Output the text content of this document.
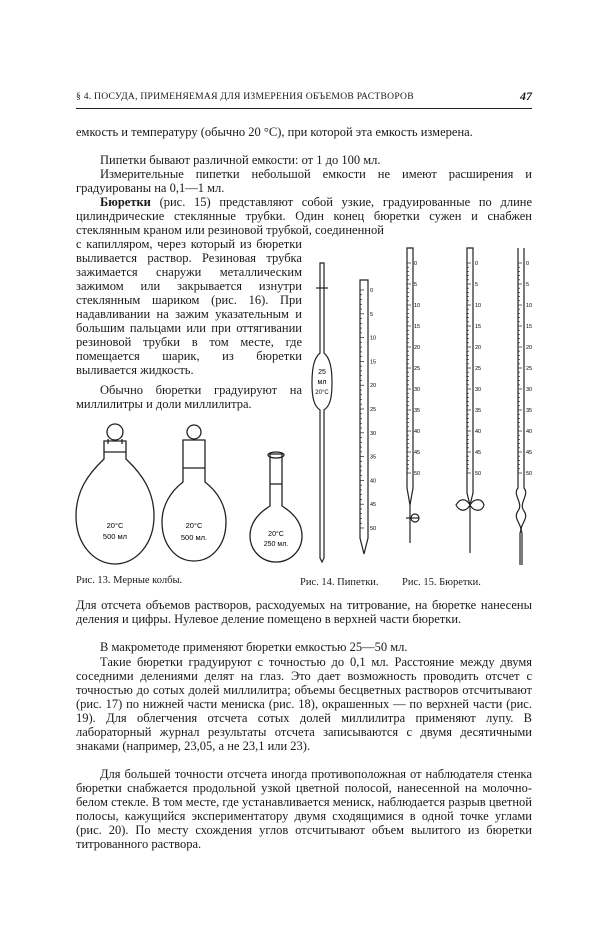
§ 4. ПОСУДА, ПРИМЕНЯЕМАЯ ДЛЯ ИЗМЕРЕНИЯ ОБЪЕМОВ РАСТВОРОВ	47

емкость и температуру (обычно 20 °С), при которой эта емкость измерена.

Пипетки бывают различной емкости: от 1 до 100 мл.

Измерительные пипетки небольшой емкости не имеют расширения и градуированы на 0,1—1 мл.

Бюретки (рис. 15) представляют собой узкие, градуированные по длине цилиндрические стеклянные трубки. Один конец бюретки сужен и снабжен стеклянным краном или резиновой трубкой, соединенной

с капилляром, через который из бюретки выливается раствор. Резиновая трубка зажимается снаружи металлическим зажимом или закрывается изнутри стеклянным шариком (рис. 16). При надавливании на зажим указательным и большим пальцами или при оттягивании резиновой трубки в том месте, где помещается шарик, из бюретки выливается жидкость.

Обычно бюретки градуируют на миллилитры и доли миллилитра.

20°С
500 мл
20°С
500 мл.	20°С
250 мл.
25
мл
20°С
0
5
10
15
20
25
30
35
40
45
50
0
5
10
15
20
25
30
35
40
45
50
0
5
10
15
20
25
30
35
40
45
50
0
5
10
15
20
25
30
35
40
45
50
Рис. 13. Мерные колбы.	Рис. 14. Пипетки. Рис. 15. Бюретки.

Для отсчета объемов растворов, расходуемых на титрование, на бюретке нанесены деления и цифры. Нулевое деление помещено в верхней части бюретки.

В макрометоде применяют бюретки емкостью 25—50 мл.

Такие бюретки градуируют с точностью до 0,1 мл. Расстояние между двумя соседними делениями делят на глаз. Это дает возможность проводить отсчет с точностью до сотых долей миллилитра; объемы бесцветных растворов отсчитывают (рис. 17) по нижней части мениска (рис. 18), окрашенных — по верхней части (рис. 19). Для облегчения отсчета сотых долей миллилитра применяют лупу. В лабораторный журнал результаты отсчета записываются с двумя десятичными знаками (например, 23,05, а не 23,1 или 23).

Для большей точности отсчета иногда противоположная от наблюдателя стенка бюретки снабжается продольной узкой цветной полосой, нанесенной на молочно-белом стекле. В том месте, где устанавливается мениск, наблюдается разрыв цветной полосы, кажущийся экспериментатору двумя сходящимися в одной точке углами (рис. 20). По месту схождения углов отсчитывают объем вылитого из бюретки титрованного раствора.
